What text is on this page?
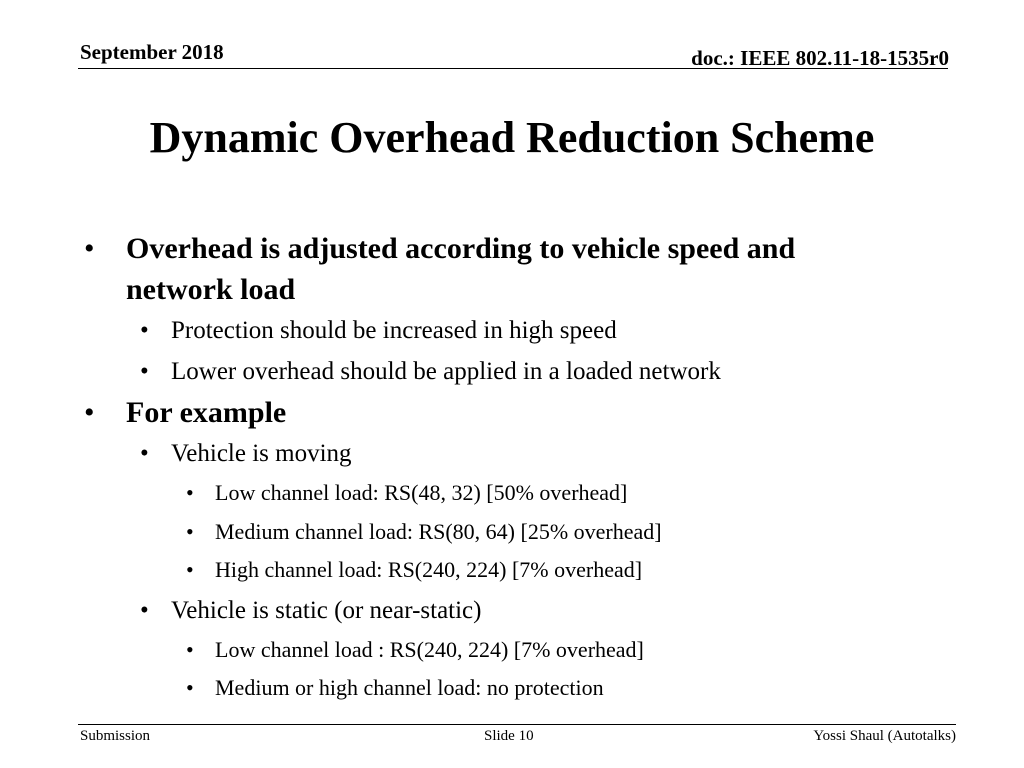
September 2018	doc.: IEEE 802.11-18-1535r0
Dynamic Overhead Reduction Scheme
• Overhead is adjusted according to vehicle speed and
network load
• Protection should be increased in high speed
• Lower overhead should be applied in a loaded network
• For example
• Vehicle is moving
• Low channel load: RS(48, 32) [50% overhead]
• Medium channel load: RS(80, 64) [25% overhead]
• High channel load: RS(240, 224) [7% overhead]
• Vehicle is static (or near-static)
• Low channel load : RS(240, 224) [7% overhead]
• Medium or high channel load: no protection
Submission	Slide 10	Yossi Shaul (Autotalks)
